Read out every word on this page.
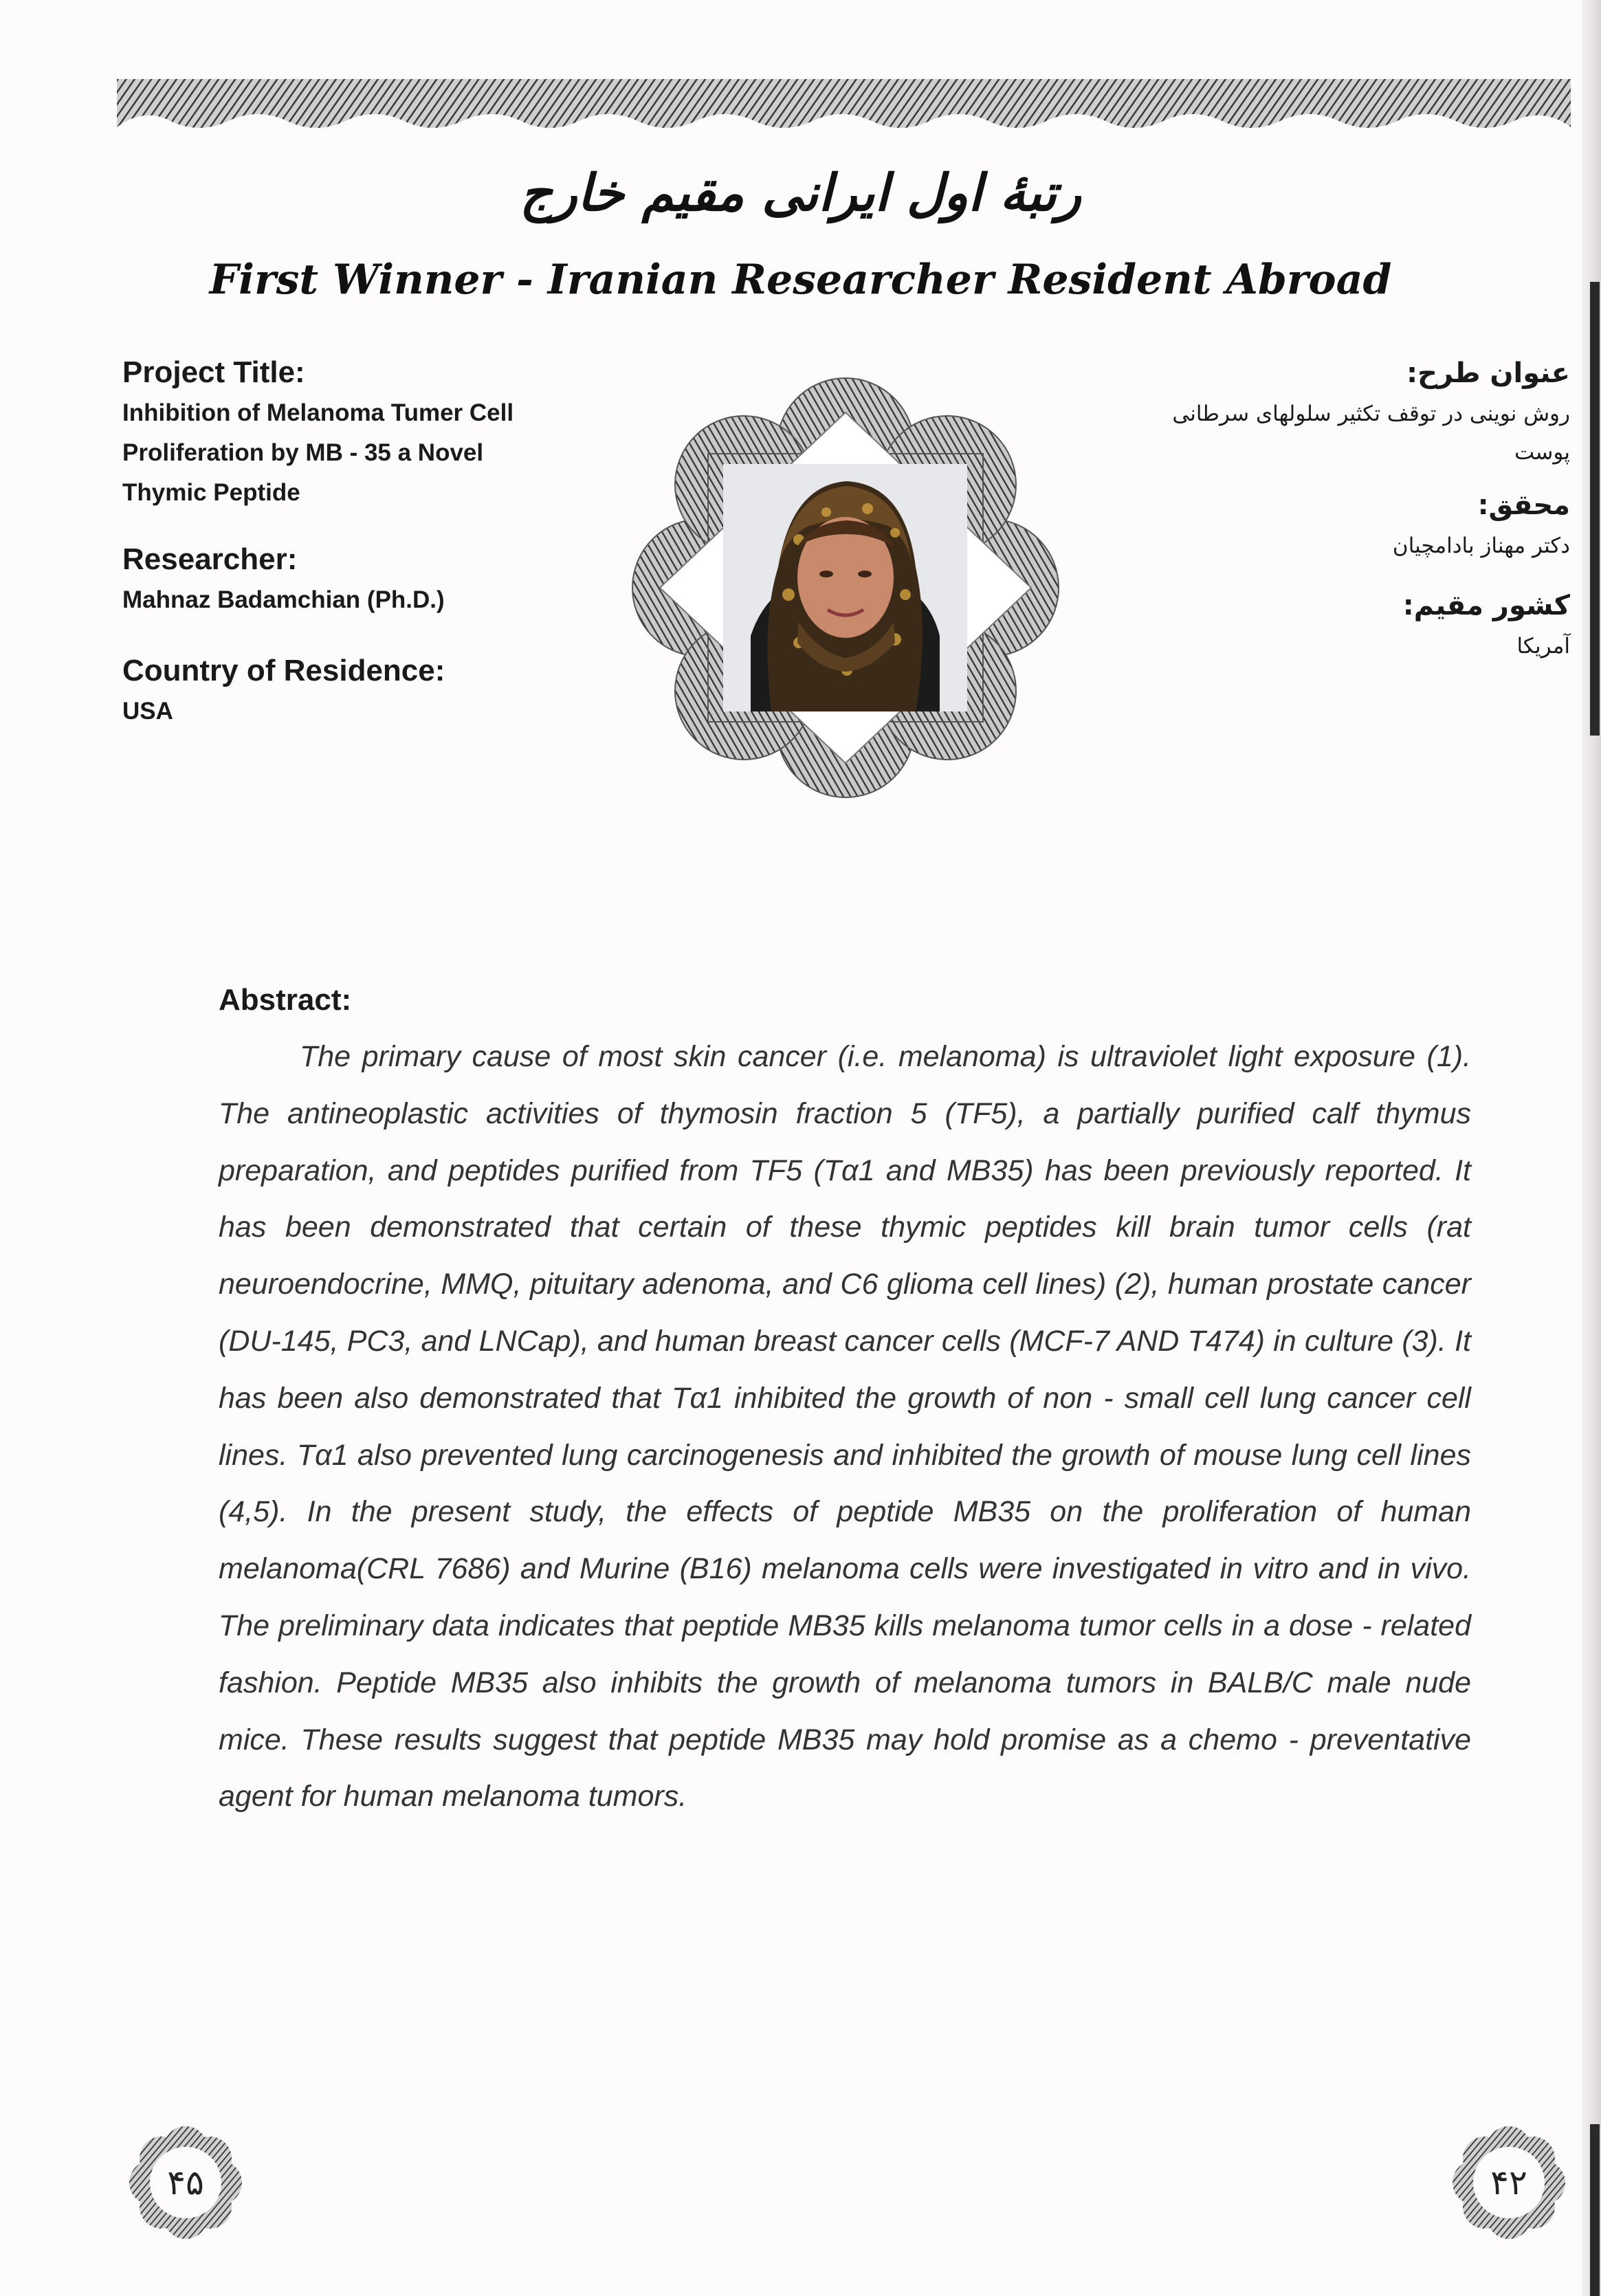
رتبهٔ اول ایرانی مقیم خارج
First Winner - Iranian Researcher Resident Abroad

Project Title:

Inhibition of Melanoma Tumer Cell

Proliferation by MB - 35 a Novel

Thymic Peptide

Researcher:

Mahnaz Badamchian (Ph.D.)

Country of Residence:

USA

عنوان طرح:

روش نوینی در توقف تکثیر سلولهای سرطانی پوست

محقق:

دکتر مهناز بادامچیان

کشور مقیم:

آمریکا

Abstract:

The primary cause of most skin cancer (i.e. melanoma) is ultraviolet light exposure (1). The antineoplastic activities of thymosin fraction 5 (TF5), a partially purified calf thymus preparation, and peptides purified from TF5 (Tα1 and MB35) has been previously reported. It has been demonstrated that certain of these thymic peptides kill brain tumor cells (rat neuroendocrine, MMQ, pituitary adenoma, and C6 glioma cell lines) (2), human prostate cancer (DU-145, PC3, and LNCap), and human breast cancer cells (MCF-7 AND T474) in culture (3). It has been also demonstrated that Tα1 inhibited the growth of non - small cell lung cancer cell lines. Tα1 also prevented lung carcinogenesis and inhibited the growth of mouse lung cell lines (4,5). In the present study, the effects of peptide MB35 on the proliferation of human melanoma(CRL 7686) and Murine (B16) melanoma cells were investigated in vitro and in vivo. The preliminary data indicates that peptide MB35 kills melanoma tumor cells in a dose - related fashion. Peptide MB35 also inhibits the growth of melanoma tumors in BALB/C male nude mice. These results suggest that peptide MB35 may hold promise as a chemo - preventative agent for human melanoma tumors.

۴۵	۴۲
